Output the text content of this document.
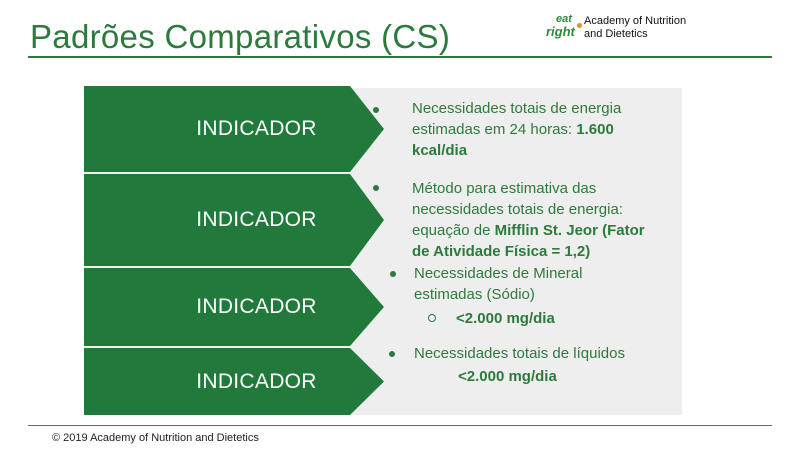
Padrões Comparativos (CS)	eat
right
Academy of Nutrition
and Dietetics
INDICADOR
Necessidades totais de energia
estimadas em 24 horas: 1.600
kcal/dia
INDICADOR
Método para estimativa das
necessidades totais de energia:
equação de Mifflin St. Jeor (Fator
de Atividade Física = 1,2)
INDICADOR
Necessidades de Mineral
estimadas (Sódio)
<2.000 mg/dia
INDICADOR
Necessidades totais de líquidos
<2.000 mg/dia
© 2019 Academy of Nutrition and Dietetics
